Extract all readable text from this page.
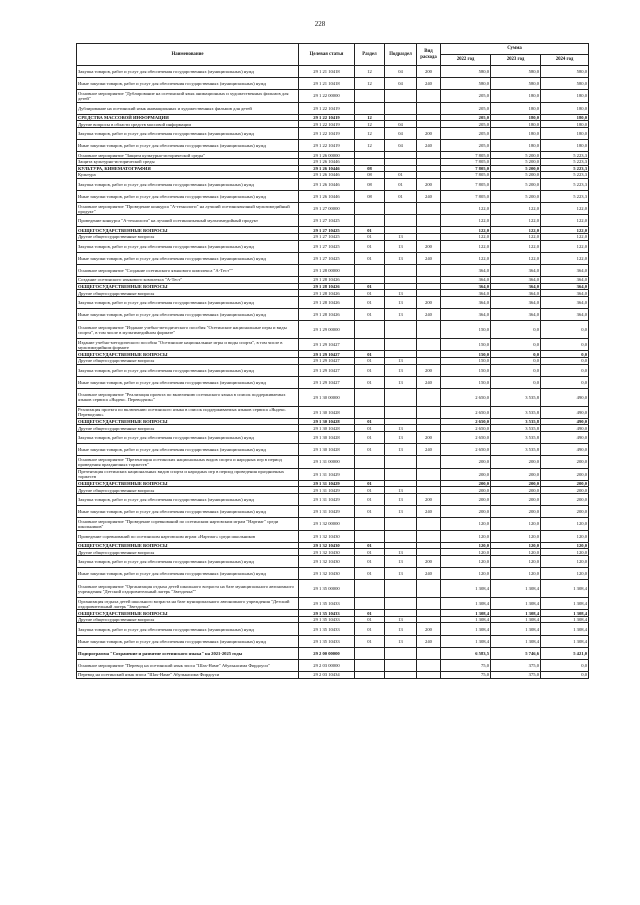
228
Наименование	Целевая статья	Раздел	Подраздел	Вид расхода	Сумма		
					2022 год	2023 год	2024 год
Закупка товаров, работ и услуг для обеспечения государственных (муниципальных) нужд	29 1 21 10418	12	04	200	580,0	580,0	580,0
Иные закупки товаров, работ и услуг для обеспечения государственных (муниципальных) нужд	29 1 21 10418	12	04	240	580,0	580,0	580,0
Основное мероприятие "Дублирование на осетинский язык анимационных и художественных фильмов для детей"	29 1 22 00000				205,0	180,0	180,0
Дублирование на осетинский язык анимационных и художественных фильмов для детей	29 1 22 10419				205,0	180,0	180,0
СРЕДСТВА МАССОВОЙ ИНФОРМАЦИИ	29 1 22 10419	12			205,0	180,0	180,0
Другие вопросы в области средств массовой информации	29 1 22 10419	12	04		205,0	180,0	180,0
Закупка товаров, работ и услуг для обеспечения государственных (муниципальных) нужд	29 1 22 10419	12	04	200	205,0	180,0	180,0
Иные закупки товаров, работ и услуг для обеспечения государственных (муниципальных) нужд	29 1 22 10419	12	04	240	205,0	180,0	180,0
Основное мероприятие "Защита культурно-исторической среды"	29 1 26 00000				7 805,0	5 200,0	5 223,3
Защита культурно-исторической среды	29 1 26 10446				7 805,0	5 200,0	5 223,3
КУЛЬТУРА, КИНЕМАТОГРАФИЯ	29 1 26 10446	08			7 805,0	5 200,0	5 223,3
Культура	29 1 26 10446	08	01		7 805,0	5 200,0	5 223,3
Закупка товаров, работ и услуг для обеспечения государственных (муниципальных) нужд	29 1 26 10446	08	01	200	7 805,0	5 200,0	5 223,3
Иные закупки товаров, работ и услуг для обеспечения государственных (муниципальных) нужд	29 1 26 10446	08	01	240	7 805,0	5 200,0	5 223,3
Основное мероприятие "Проведение конкурса "А-технологи" на лучший осетиноязычный мультимедийный продукт"	29 1 27 00000				122,0	122,0	122,0
Проведение конкурса "А-технологи" на лучший осетиноязычный мультимедийный продукт	29 1 27 10425				122,0	122,0	122,0
ОБЩЕГОСУДАРСТВЕННЫЕ ВОПРОСЫ	29 1 27 10425	01			122,0	122,0	122,0
Другие общегосударственные вопросы	29 1 27 10425	01	13		122,0	122,0	122,0
Закупка товаров, работ и услуг для обеспечения государственных (муниципальных) нужд	29 1 27 10425	01	13	200	122,0	122,0	122,0
Иные закупки товаров, работ и услуг для обеспечения государственных (муниципальных) нужд	29 1 27 10425	01	13	240	122,0	122,0	122,0
Основное мероприятие "Создание осетинского языкового комплекса "А-Тест""	29 1 28 00000				364,0	364,0	364,0
Создание осетинского языкового комплекса "А-Тест"	29 1 28 10426				364,0	364,0	364,0
ОБЩЕГОСУДАРСТВЕННЫЕ ВОПРОСЫ	29 1 28 10426	01			364,0	364,0	364,0
Другие общегосударственные вопросы	29 1 28 10426	01	13		364,0	364,0	364,0
Закупка товаров, работ и услуг для обеспечения государственных (муниципальных) нужд	29 1 28 10426	01	13	200	364,0	364,0	364,0
Иные закупки товаров, работ и услуг для обеспечения государственных (муниципальных) нужд	29 1 28 10426	01	13	240	364,0	364,0	364,0
Основное мероприятие "Издание учебно-методического пособия "Осетинские национальные игры и виды спорта", в том числе в мультимедийном формате"	29 1 29 00000				150,0	0,0	0,0
Издание учебно-методического пособия "Осетинские национальные игры и виды спорта", в том числе в мультимедийном формате	29 1 29 10427				150,0	0,0	0,0
ОБЩЕГОСУДАРСТВЕННЫЕ ВОПРОСЫ	29 1 29 10427	01			150,0	0,0	0,0
Другие общегосударственные вопросы	29 1 29 10427	01	13		150,0	0,0	0,0
Закупка товаров, работ и услуг для обеспечения государственных (муниципальных) нужд	29 1 29 10427	01	13	200	150,0	0,0	0,0
Иные закупки товаров, работ и услуг для обеспечения государственных (муниципальных) нужд	29 1 29 10427	01	13	240	150,0	0,0	0,0
Основное мероприятие "Реализация проекта по включению осетинского языка в список поддерживаемых языков сервиса «Яндекс. Переводчик»"	29 1 30 00000				2 650,0	3 535,8	490,0
Реализация проекта по включению осетинского языка в список поддерживаемых языков сервиса «Яндекс. Переводчик»	29 1 30 10428				2 650,0	3 535,8	490,0
ОБЩЕГОСУДАРСТВЕННЫЕ ВОПРОСЫ	29 1 30 10428	01			2 650,0	3 535,8	490,0
Другие общегосударственные вопросы	29 1 30 10428	01	13		2 650,0	3 535,8	490,0
Закупка товаров, работ и услуг для обеспечения государственных (муниципальных) нужд	29 1 30 10428	01	13	200	2 650,0	3 535,8	490,0
Иные закупки товаров, работ и услуг для обеспечения государственных (муниципальных) нужд	29 1 30 10428	01	13	240	2 650,0	3 535,8	490,0
Основное мероприятие "Презентация осетинских национальных видов спорта и народных игр в период проведения праздничных торжеств"	29 1 31 00000				200,0	200,0	200,0
Презентация осетинских национальных видов спорта и народных игр в период проведения праздничных торжеств	29 1 31 10429				200,0	200,0	200,0
ОБЩЕГОСУДАРСТВЕННЫЕ ВОПРОСЫ	29 1 31 10429	01			200,0	200,0	200,0
Другие общегосударственные вопросы	29 1 31 10429	01	13		200,0	200,0	200,0
Закупка товаров, работ и услуг для обеспечения государственных (муниципальных) нужд	29 1 31 10429	01	13	200	200,0	200,0	200,0
Иные закупки товаров, работ и услуг для обеспечения государственных (муниципальных) нужд	29 1 31 10429	01	13	240	200,0	200,0	200,0
Основное мероприятие "Проведение соревнований по осетинским нартовским играм "Нартиаг" среди школьников"	29 1 32 00000				120,0	120,0	120,0
Проведение соревнований по осетинским нартовским играм «Нартиаг» среди школьников	29 1 32 10430				120,0	120,0	120,0
ОБЩЕГОСУДАРСТВЕННЫЕ ВОПРОСЫ	29 1 32 10430	01			120,0	120,0	120,0
Другие общегосударственные вопросы	29 1 32 10430	01	13		120,0	120,0	120,0
Закупка товаров, работ и услуг для обеспечения государственных (муниципальных) нужд	29 1 32 10430	01	13	200	120,0	120,0	120,0
Иные закупки товаров, работ и услуг для обеспечения государственных (муниципальных) нужд	29 1 32 10430	01	13	240	120,0	120,0	120,0
Основное мероприятие "Организация отдыха детей школьного возраста на базе муниципального автономного учреждения "Детский оздоровительный лагерь "Звездочка""	29 1 35 00000				1 308,4	1 308,4	1 308,4
Организация отдыха детей школьного возраста на базе муниципального автономного учреждения "Детский оздоровительный лагерь "Звездочка"	29 1 35 10433				1 308,4	1 308,4	1 308,4
ОБЩЕГОСУДАРСТВЕННЫЕ ВОПРОСЫ	29 1 35 10433	01			1 308,4	1 308,4	1 308,4
Другие общегосударственные вопросы	29 1 35 10433	01	13		1 308,4	1 308,4	1 308,4
Закупка товаров, работ и услуг для обеспечения государственных (муниципальных) нужд	29 1 35 10433	01	13	200	1 308,4	1 308,4	1 308,4
Иные закупки товаров, работ и услуг для обеспечения государственных (муниципальных) нужд	29 1 35 10433	01	13	240	1 308,4	1 308,4	1 308,4
Подпрограмма "Сохранение и развитие осетинского языка" на 2021-2025 годы	29 2 00 00000				6 583,5	5 746,6	5 421,0
Основное мероприятие "Перевод на осетинский язык эпоса "Шах-Наме" Абулькасима Фирдоуси"	29 2 03 00000				75,0	375,0	0,0
Перевод на осетинский язык эпоса "Шах-Наме" Абулькасима Фирдоуси	29 2 03 10434				75,0	375,0	0,0
